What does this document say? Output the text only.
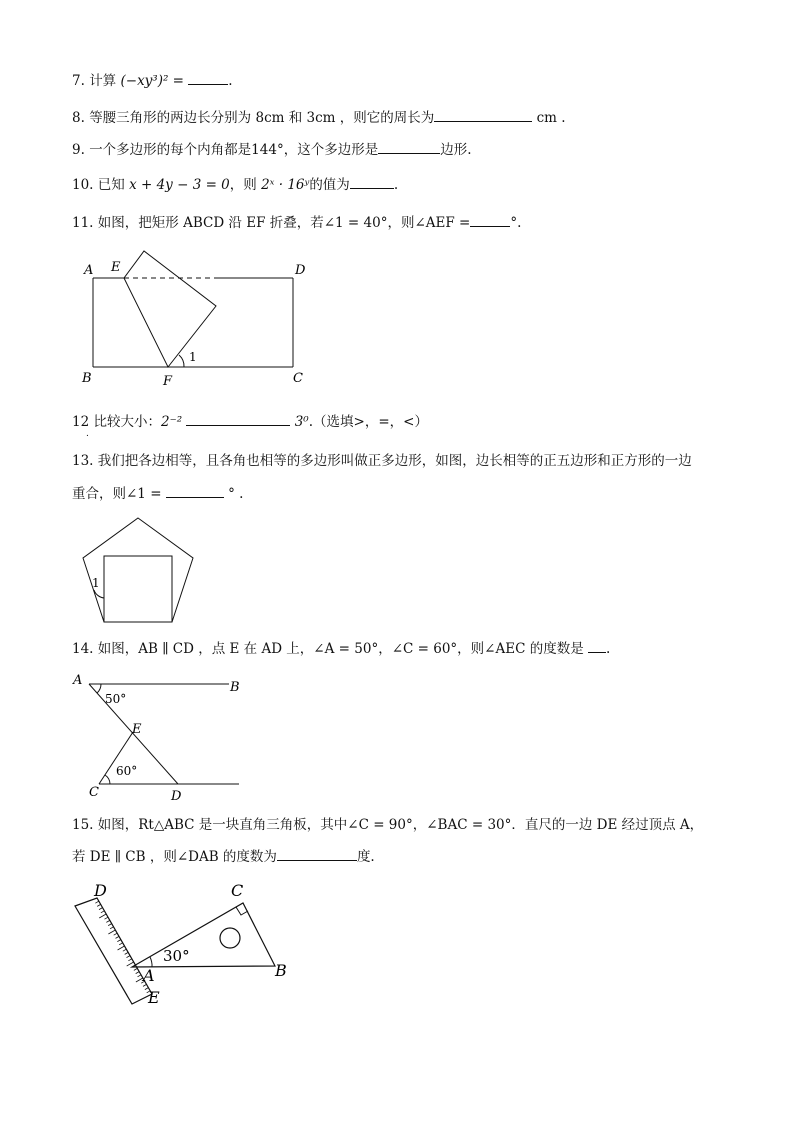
7. 计算 (−xy³)² =	.
8. 等腰三角形的两边长分别为 8cm 和 3cm ，则它的周长为	cm .
9. 一个多边形的每个内角都是144°，这个多边形是	边形.
10. 已知 x + 4y − 3 = 0，则 2ˣ · 16ʸ的值为	.
11. 如图，把矩形 ABCD 沿 EF 折叠，若∠1 = 40°，则∠AEF =	°.
A E	D
B	F	C
1
12 比较大小：2⁻²	3⁰.（选填>，=，<）
.
13. 我们把各边相等，且各角也相等的多边形叫做正多边形，如图，边长相等的正五边形和正方形的一边
重合，则∠1 =	° .
1
14. 如图，AB ∥ CD ，点 E 在 AD 上，∠A = 50°，∠C = 60°，则∠AEC 的度数是 .
A	B
E
C	D
50°
60°
15. 如图，Rt△ABC 是一块直角三角板，其中∠C = 90°，∠BAC = 30°．直尺的一边 DE 经过顶点 A，
若 DE ∥ CB ，则∠DAB 的度数为	度.
D	C
A	B
E
30°
